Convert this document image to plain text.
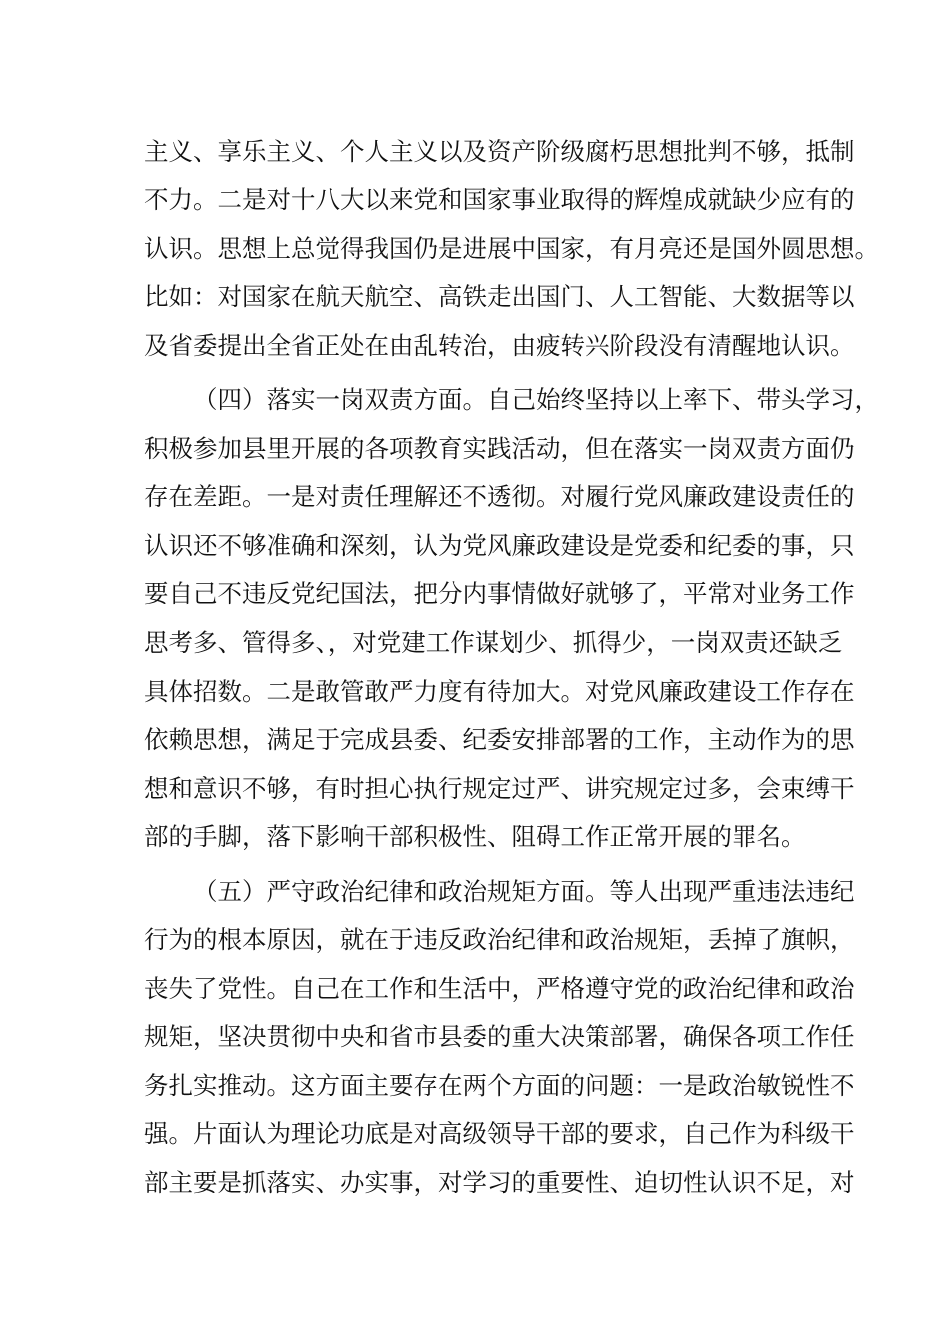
主义、享乐主义、个人主义以及资产阶级腐朽思想批判不够，抵制
不力。二是对十八大以来党和国家事业取得的辉煌成就缺少应有的
认识。思想上总觉得我国仍是进展中国家，有月亮还是国外圆思想。
比如：对国家在航天航空、高铁走出国门、人工智能、大数据等以
及省委提出全省正处在由乱转治，由疲转兴阶段没有清醒地认识。
（四）落实一岗双责方面。自己始终坚持以上率下、带头学习，
积极参加县里开展的各项教育实践活动，但在落实一岗双责方面仍
存在差距。一是对责任理解还不透彻。对履行党风廉政建设责任的
认识还不够准确和深刻，认为党风廉政建设是党委和纪委的事，只
要自己不违反党纪国法，把分内事情做好就够了，平常对业务工作
思考多、管得多、，对党建工作谋划少、抓得少，一岗双责还缺乏
具体招数。二是敢管敢严力度有待加大。对党风廉政建设工作存在
依赖思想，满足于完成县委、纪委安排部署的工作，主动作为的思
想和意识不够，有时担心执行规定过严、讲究规定过多，会束缚干
部的手脚，落下影响干部积极性、阻碍工作正常开展的罪名。
（五）严守政治纪律和政治规矩方面。等人出现严重违法违纪
行为的根本原因，就在于违反政治纪律和政治规矩，丢掉了旗帜，
丧失了党性。自己在工作和生活中，严格遵守党的政治纪律和政治
规矩，坚决贯彻中央和省市县委的重大决策部署，确保各项工作任
务扎实推动。这方面主要存在两个方面的问题：一是政治敏锐性不
强。片面认为理论功底是对高级领导干部的要求，自己作为科级干
部主要是抓落实、办实事，对学习的重要性、迫切性认识不足，对
